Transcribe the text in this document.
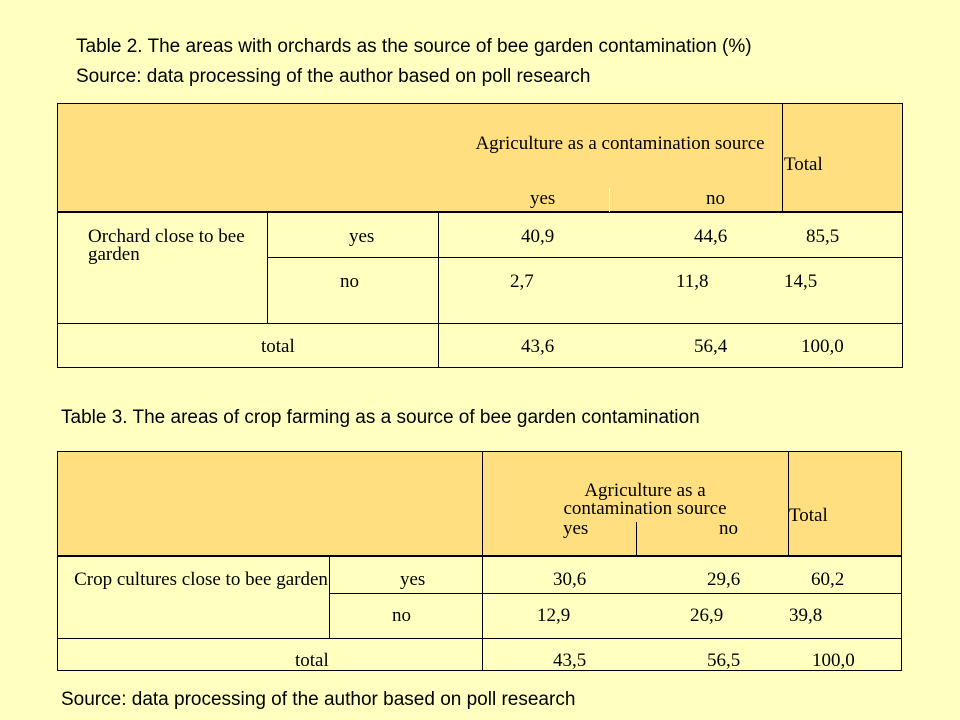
Table 2. The areas with orchards as the source of bee garden contamination (%)
Source: data processing of the author based on poll research
Agriculture as a contamination source
Total
yes	no
Orchard close to bee garden
yes	40,9	44,6	85,5
no	2,7	11,8	14,5
total	43,6	56,4	100,0
Table 3. The areas of crop farming as a source of bee garden contamination
Agriculture as a contamination source	Total
yes	no
Crop cultures close to bee garden	yes	30,6	29,6	60,2
no	12,9	26,9	39,8
total	43,5	56,5	100,0
Source: data processing of the author based on poll research
